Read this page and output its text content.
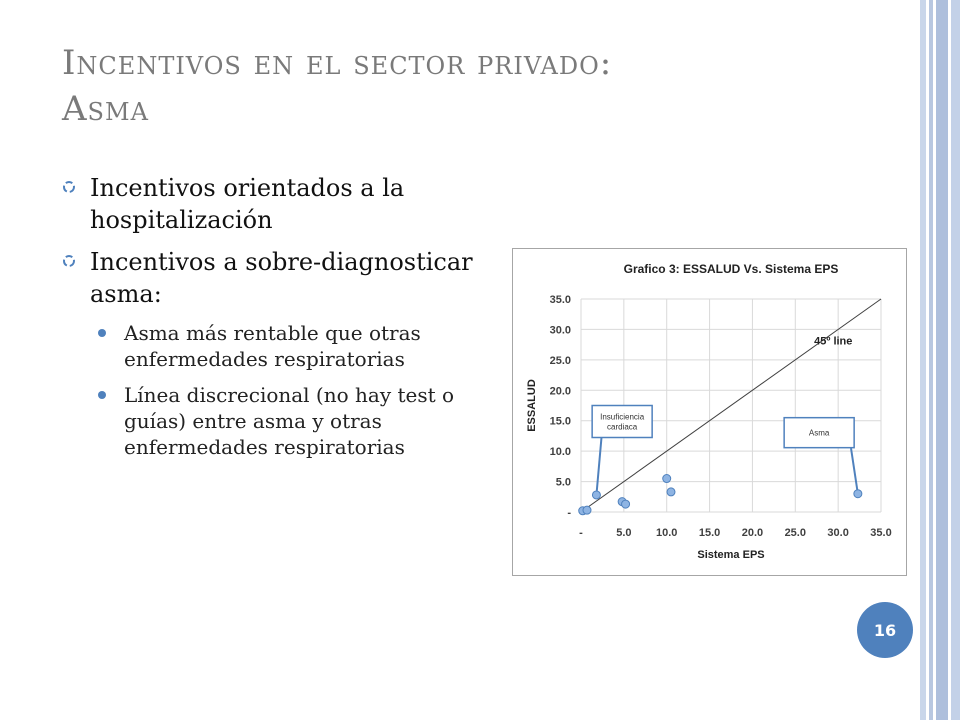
Incentivos en el sector privado:
Asma
Incentivos orientados a la hospitalización
Incentivos a sobre-diagnosticar asma:
Asma más rentable que otras enfermedades respiratorias
Línea discrecional (no hay test o guías) entre asma y otras enfermedades respiratorias
-	5.0 10.0 15.0 20.0 25.0 30.0 35.0
-
5.0
10.0
15.0
20.0
25.0
30.0
35.0
Grafico 3: ESSALUD Vs. Sistema EPS
Sistema EPS
ESSALUD
45º line
Insuficiencia
cardiaca
Asma
16
